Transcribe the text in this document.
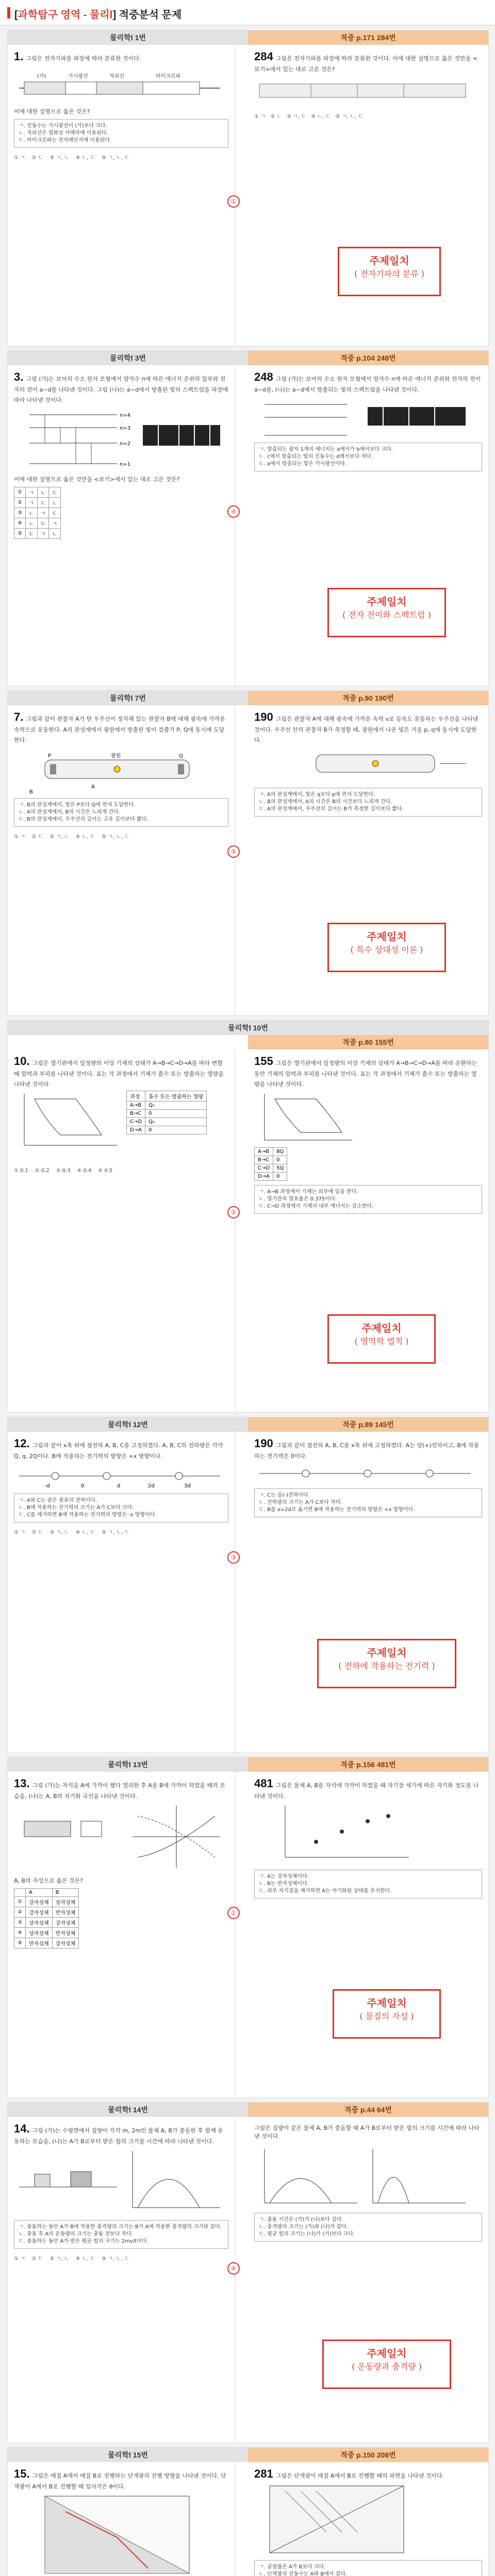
[과학탐구 영역 - 물리Ⅰ] 적중분석 문제
물리학Ⅰ 1번	적중 p.171 284번
1. 그림은 전자기파를 파장에 따라 분류한 것이다.
(가)	가시광선	적외선	마이크로파
이에 대한 설명으로 옳은 것은?
ㄱ. 진동수는 가시광선이 (가)보다 크다.
ㄴ. 적외선은 열화상 카메라에 이용된다.
ㄷ. 마이크로파는 전자레인지에 이용된다.
① ㄱ ② ㄷ ③ ㄱ, ㄴ ④ ㄴ, ㄷ ⑤ ㄱ, ㄴ, ㄷ
①
284 그림은 전자기파를 파장에 따라 분류한 것이다. 이에 대한 설명으로 옳은 것만을 <보기>에서 있는 대로 고른 것은?
① ㄱ ② ㄴ ③ ㄱ, ㄷ ④ ㄴ, ㄷ ⑤ ㄱ, ㄴ, ㄷ
주제일치
( 전자기파의 분류 )
물리학Ⅰ 3번	적중 p.104 248번
3. 그림 (가)는 보어의 수소 원자 모형에서 양자수 n에 따른 에너지 준위의 일부와 전자의 전이 a~d를 나타낸 것이다. 그림 (나)는 a~d에서 방출된 빛의 스펙트럼을 파장에 따라 나타낸 것이다.
n=4
n=3
n=2
n=1
이에 대한 설명으로 옳은 것만을 <보기>에서 있는 대로 고른 것은?
①	ㄱ	ㄴ	ㄷ
②	ㄱ	ㄷ	ㄴ
③	ㄴ	ㄱ	ㄷ
④	ㄴ	ㄷ	ㄱ
⑤	ㄷ	ㄱ	ㄴ
④
248 그림 (가)는 보어의 수소 원자 모형에서 양자수 n에 따른 에너지 준위와 전자의 전이 a~d를, (나)는 a~d에서 방출되는 빛의 스펙트럼을 나타낸 것이다.
ㄱ. 방출되는 광자 1개의 에너지는 a에서가 b에서보다 크다.
ㄴ. c에서 방출되는 빛의 진동수는 d에서보다 작다.
ㄷ. a에서 방출되는 빛은 가시광선이다.
주제일치
( 전자 전이와 스펙트럼 )
물리학Ⅰ 7번	적중 p.90 190번
7. 그림과 같이 관찰자 A가 탄 우주선이 정지해 있는 관찰자 B에 대해 광속에 가까운 속력으로 운동한다. A의 관성계에서 광원에서 방출된 빛이 검출기 P, Q에 동시에 도달한다.
P	광원	Q
A
B
ㄱ. B의 관성계에서, 빛은 P보다 Q에 먼저 도달한다.
ㄴ. A의 관성계에서, B의 시간은 느리게 간다.
ㄷ. B의 관성계에서, 우주선의 길이는 고유 길이보다 짧다.
① ㄱ ② ㄷ ③ ㄱ, ㄴ ④ ㄴ, ㄷ ⑤ ㄱ, ㄴ, ㄷ
⑤
190 그림은 관찰자 A에 대해 광속에 가까운 속력 v로 등속도 운동하는 우주선을 나타낸 것이다. 우주선 안의 관찰자 B가 측정할 때, 광원에서 나온 빛은 거울 p, q에 동시에 도달한다.
ㄱ. A의 관성계에서, 빛은 q보다 p에 먼저 도달한다.
ㄴ. B의 관성계에서, A의 시간은 B의 시간보다 느리게 간다.
ㄷ. A의 관성계에서, 우주선의 길이는 B가 측정한 길이보다 짧다.
주제일치
( 특수 상대성 이론 )
물리학Ⅰ 10번
적중 p.80 155번
10. 그림은 열기관에서 일정량의 이상 기체의 상태가 A→B→C→D→A를 따라 변할 때 압력과 부피를 나타낸 것이다. 표는 각 과정에서 기체가 흡수 또는 방출하는 열량을 나타낸 것이다.
과정	흡수 또는 방출하는 열량
A→B	Q₁
B→C	0
C→D	Q₂
D→A	0
① 0.1 ② 0.2 ③ 0.3 ④ 0.4 ⑤ 0.5
②
155 그림은 열기관에서 일정량의 이상 기체의 상태가 A→B→C→D→A를 따라 순환하는 동안 기체의 압력과 부피를 나타낸 것이다. 표는 각 과정에서 기체가 흡수 또는 방출하는 열량을 나타낸 것이다.
A→B	8Q
B→C	0
C→D	5Q
D→A	0
ㄱ. A→B 과정에서 기체는 외부에 일을 한다.
ㄴ. 열기관의 열효율은 0.375이다.
ㄷ. C→D 과정에서 기체의 내부 에너지는 감소한다.
주제일치
( 열역학 법칙 )
물리학Ⅰ 12번	적중 p.89 145번
12. 그림과 같이 x축 위에 점전하 A, B, C를 고정하였다. A, B, C의 전하량은 각각 Q, q, 2Q이다. B에 작용하는 전기력의 방향은 +x 방향이다.
-d	0	d	2d	3d
ㄱ. A와 C는 같은 종류의 전하이다.
ㄴ. B에 작용하는 전기력의 크기는 A가 C보다 크다.
ㄷ. C를 제거하면 B에 작용하는 전기력의 방향은 -x 방향이다.
① ㄱ ② ㄷ ③ ㄱ, ㄴ ④ ㄴ, ㄷ ⑤ ㄱ, ㄴ, ㄷ
③
190 그림과 같이 점전하 A, B, C를 x축 위에 고정하였다. A는 양(+)전하이고, B에 작용하는 전기력은 0이다.
ㄱ. C는 음(-)전하이다.
ㄴ. 전하량의 크기는 A가 C보다 작다.
ㄷ. B를 x=2d로 옮기면 B에 작용하는 전기력의 방향은 +x 방향이다.
주제일치
( 전하에 작용하는 전기력 )
물리학Ⅰ 13번	적중 p.156 481번
13. 그림 (가)는 자석을 A에 가까이 했다 멀리한 후 A를 B에 가까이 하였을 때의 모습을, (나)는 A, B의 자기화 곡선을 나타낸 것이다.
A, B의 자성으로 옳은 것은?
	A	B
①	강자성체	상자성체
②	강자성체	반자성체
③	상자성체	강자성체
④	상자성체	반자성체
⑤	반자성체	강자성체
①
481 그림은 물체 A, B를 자석에 가까이 하였을 때 자기장 세기에 따른 자기화 정도를 나타낸 것이다.
ㄱ. A는 강자성체이다.
ㄴ. B는 반자성체이다.
ㄷ. 외부 자기장을 제거하면 A는 자기화된 상태를 유지한다.
주제일치
( 물질의 자성 )
물리학Ⅰ 14번	적중 p.44 64번
14. 그림 (가)는 수평면에서 질량이 각각 m, 2m인 물체 A, B가 충돌한 후 함께 운동하는 모습을, (나)는 A가 B로부터 받은 힘의 크기를 시간에 따라 나타낸 것이다.
ㄱ. 충돌하는 동안 A가 B에 작용한 충격량의 크기는 B가 A에 작용한 충격량의 크기와 같다.
ㄴ. 충돌 후 A의 운동량의 크기는 충돌 전보다 작다.
ㄷ. 충돌하는 동안 A가 받은 평균 힘의 크기는 2mv/t이다.
① ㄱ ② ㄷ ③ ㄱ, ㄴ ④ ㄴ, ㄷ ⑤ ㄱ, ㄴ, ㄷ
④
그림은 질량이 같은 물체 A, B가 충돌할 때 A가 B로부터 받은 힘의 크기를 시간에 따라 나타낸 것이다.
ㄱ. 충돌 시간은 (가)가 (나)보다 길다.
ㄴ. 충격량의 크기는 (가)와 (나)가 같다.
ㄷ. 평균 힘의 크기는 (나)가 (가)보다 크다.
주제일치
( 운동량과 충격량 )
물리학Ⅰ 15번	적중 p.150 208번
15. 그림은 매질 A에서 매질 B로 진행하는 단색광의 진행 방향을 나타낸 것이다. 단색광이 A에서 B로 진행할 때 입사각은 θ이다.

281 그림은 단색광이 매질 A에서 B로 진행할 때의 파면을 나타낸 것이다.
ㄱ. 굴절률은 A가 B보다 크다.
ㄴ. 단색광의 진동수는 A와 B에서 같다.
